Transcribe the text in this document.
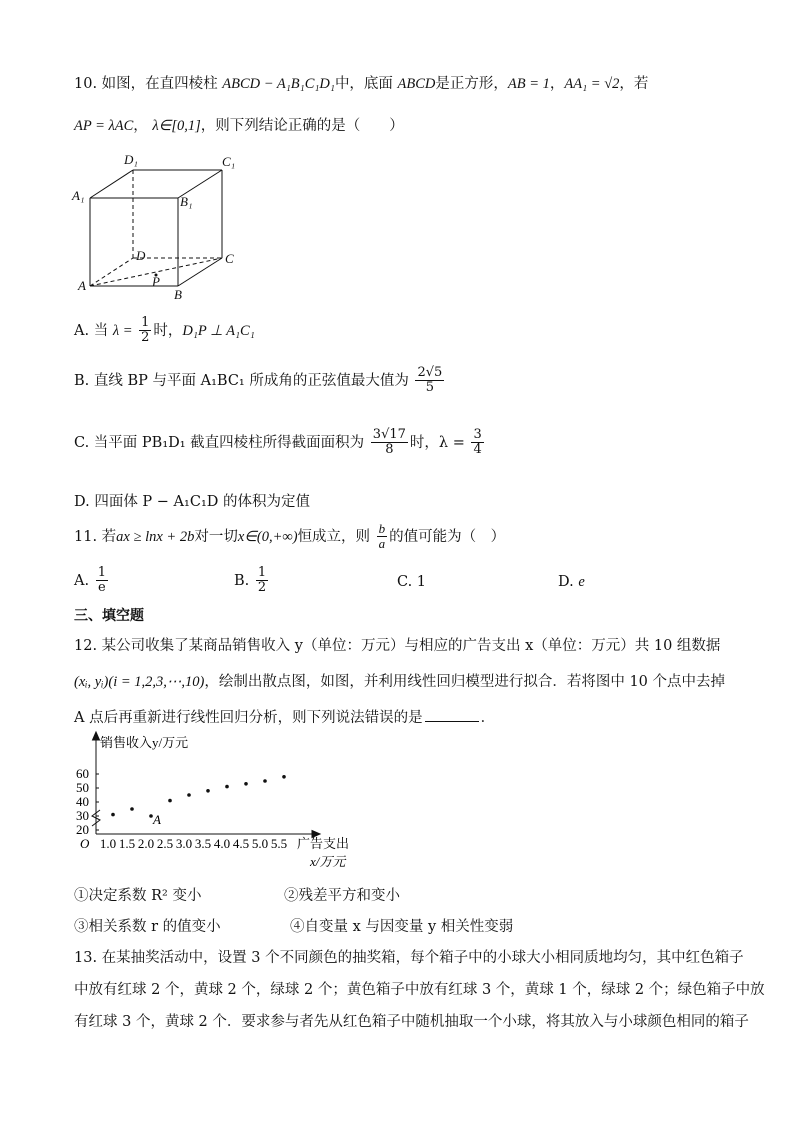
10. 如图，在直四棱柱 ABCD − A₁B₁C₁D₁中，底面 ABCD是正方形，AB = 1，AA₁ = √2，若
AP = λAC， λ∈[0,1]，则下列结论正确的是（　　）
D₁	C₁
A₁	B₁
D	C
A	P
B
A. 当 $\lambda = \frac{1}{2}$ 时，D₁P ⊥ A₁C₁
B. 直线 BP 与平面 A₁BC₁ 所成角的正弦值最大值为 $\frac{2√5}{5}$
C. 当平面 PB₁D₁ 截直四棱柱所得截面面积为 $\frac{3√17}{8}$ 时，$\lambda = \frac{3}{4}$
D. 四面体 P − A₁C₁D 的体积为定值
11. 若ax ≥ lnx + 2b对一切x∈(0,+∞)恒成立，则 $\frac{b}{a}$ 的值可能为（　）
A. $\frac{1}{e}$	B. $\frac{1}{2}$	C. 1	D. e
三、填空题
12. 某公司收集了某商品销售收入 y（单位：万元）与相应的广告支出 x（单位：万元）共 10 组数据
(xᵢ, yᵢ)(i = 1,2,3,⋯,10)，绘制出散点图，如图，并利用线性回归模型进行拟合．若将图中 10 个点中去掉
A 点后再重新进行线性回归分析，则下列说法错误的是	．
销售收入y/万元
O	广告支出
x/万元
20
30
40
50
60
1.0 1.5 2.0 2.5 3.0 3.5 4.0 4.5 5.0 5.5
A
①决定系数 R² 变小	②残差平方和变小
③相关系数 r 的值变小	④自变量 x 与因变量 y 相关性变弱
13. 在某抽奖活动中，设置 3 个不同颜色的抽奖箱，每个箱子中的小球大小相同质地均匀，其中红色箱子
中放有红球 2 个，黄球 2 个，绿球 2 个；黄色箱子中放有红球 3 个，黄球 1 个，绿球 2 个；绿色箱子中放
有红球 3 个，黄球 2 个．要求参与者先从红色箱子中随机抽取一个小球，将其放入与小球颜色相同的箱子
